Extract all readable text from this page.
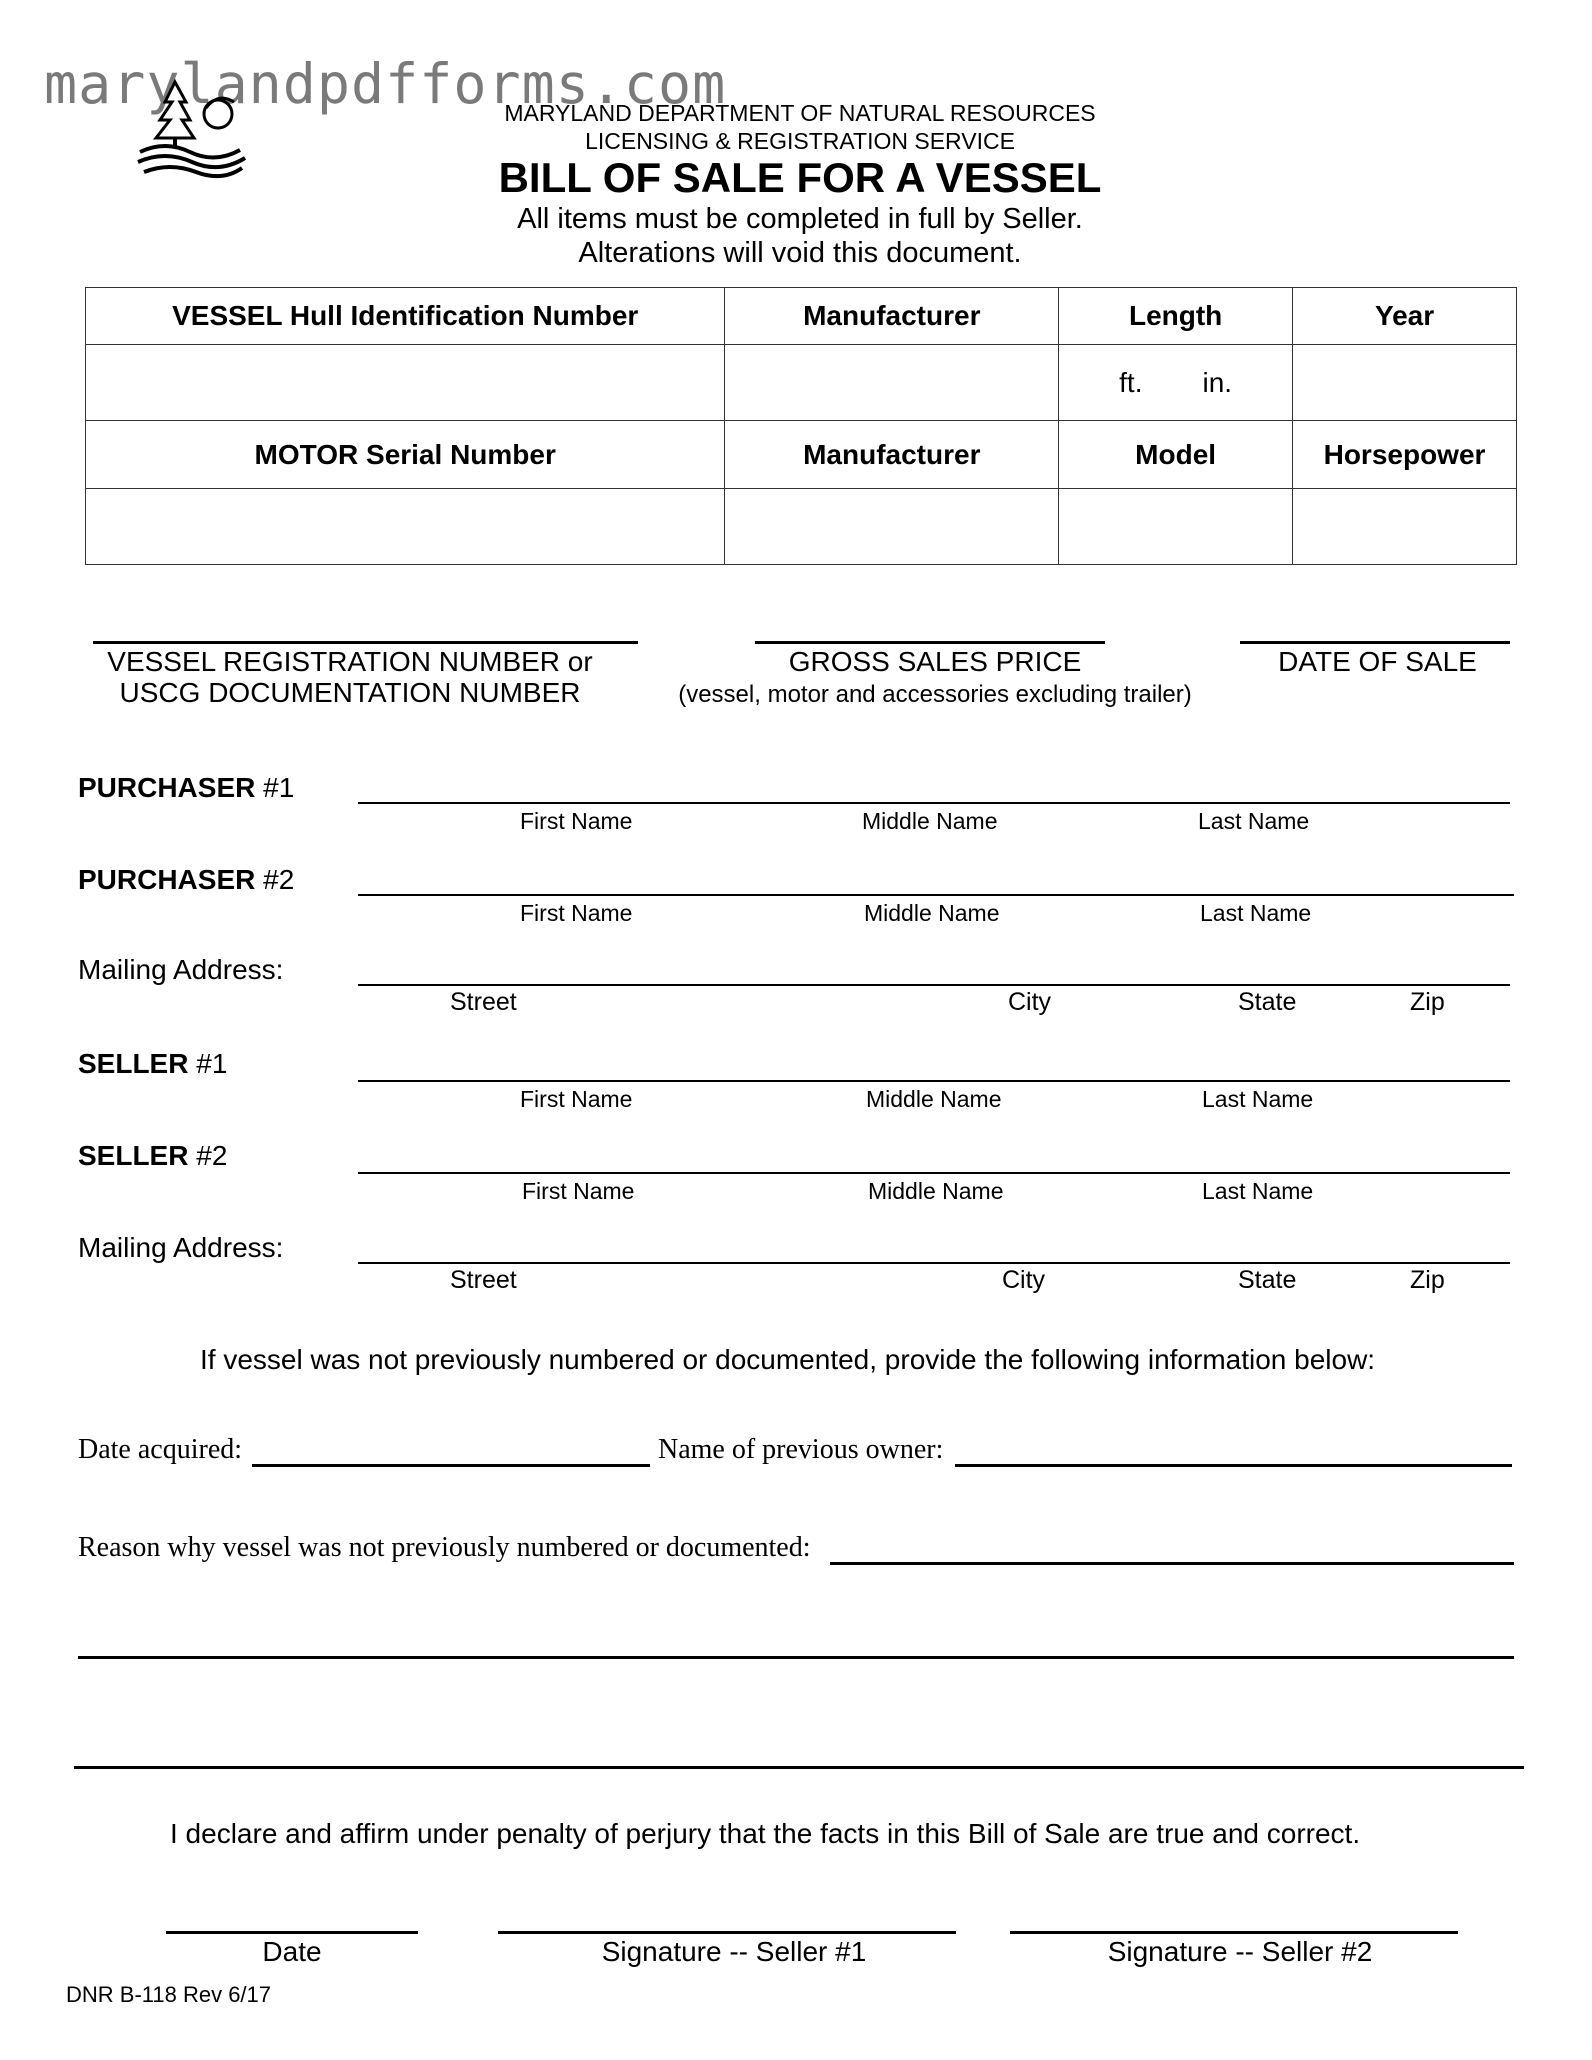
marylandpdfforms.com
MARYLAND DEPARTMENT OF NATURAL RESOURCES
LICENSING & REGISTRATION SERVICE
BILL OF SALE FOR A VESSEL
All items must be completed in full by Seller.
Alterations will void this document.
VESSEL Hull Identification Number	Manufacturer	Length	Year
		ft. in.	
MOTOR Serial Number	Manufacturer	Model	Horsepower

VESSEL REGISTRATION NUMBER or
USCG DOCUMENTATION NUMBER
GROSS SALES PRICE
(vessel, motor and accessories excluding trailer)
DATE OF SALE
PURCHASER #1
First Name	Middle Name	Last Name
PURCHASER #2
First Name	Middle Name	Last Name
Mailing Address:
Street	City	State	Zip
SELLER #1
First Name	Middle Name	Last Name
SELLER #2
First Name	Middle Name	Last Name
Mailing Address:
Street	City	State	Zip
If vessel was not previously numbered or documented, provide the following information below:
Date acquired:	Name of previous owner:
Reason why vessel was not previously numbered or documented:
I declare and affirm under penalty of perjury that the facts in this Bill of Sale are true and correct.
Date	Signature -- Seller #1	Signature -- Seller #2
DNR B-118 Rev 6/17
